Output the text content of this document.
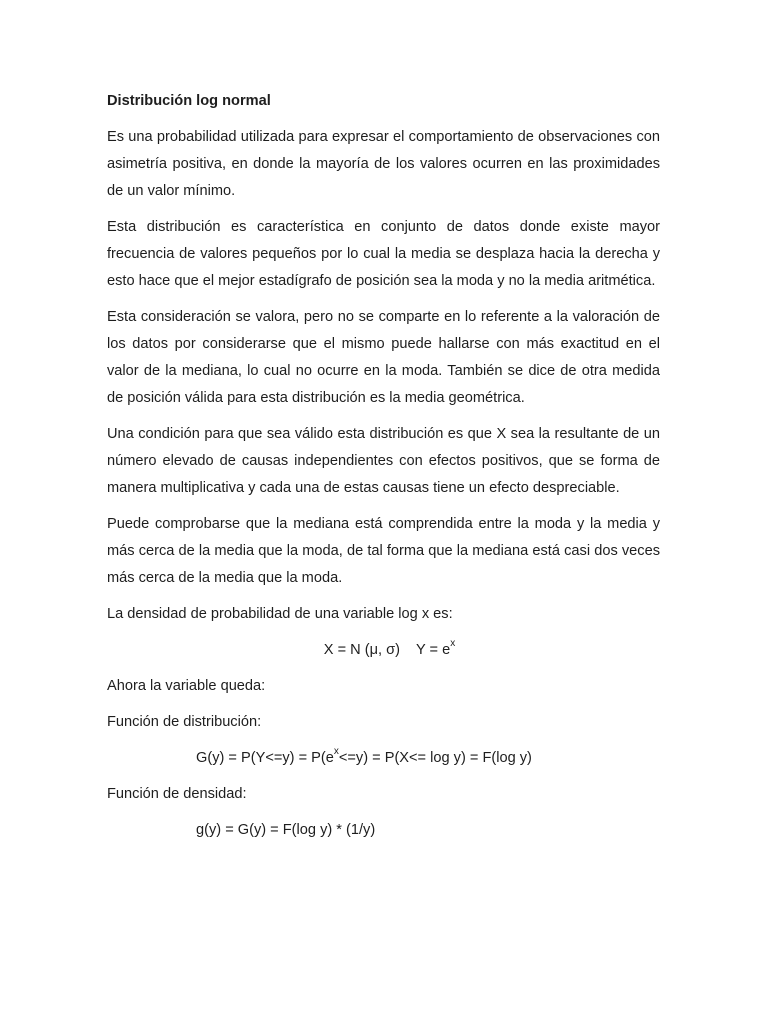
Distribución log normal

Es una probabilidad utilizada para expresar el comportamiento de observaciones con asimetría positiva, en donde la mayoría de los valores ocurren en las proximidades de un valor mínimo.

Esta distribución es característica en conjunto de datos donde existe mayor frecuencia de valores pequeños por lo cual la media se desplaza hacia la derecha y esto hace que el mejor estadígrafo de posición sea la moda y no la media aritmética.

Esta consideración se valora, pero no se comparte en lo referente a la valoración de los datos por considerarse que el mismo puede hallarse con más exactitud en el valor de la mediana, lo cual no ocurre en la moda. También se dice de otra medida de posición válida para esta distribución es la media geométrica.

Una condición para que sea válido esta distribución es que X sea la resultante de un número elevado de causas independientes con efectos positivos, que se forma de manera multiplicativa y cada una de estas causas tiene un efecto despreciable.

Puede comprobarse que la mediana está comprendida entre la moda y la media y más cerca de la media que la moda, de tal forma que la mediana está casi dos veces más cerca de la media que la moda.

La densidad de probabilidad de una variable log x es:

X = N (μ, σ) $Y = e^x$

Ahora la variable queda:

Función de distribución:

$G(y) = P(Y<=y) = P(e^x<=y) = P(X<= \log y) = F(\log$ y)

Función de densidad:

g(y) = G(y) = F(log y) * (1/y)
